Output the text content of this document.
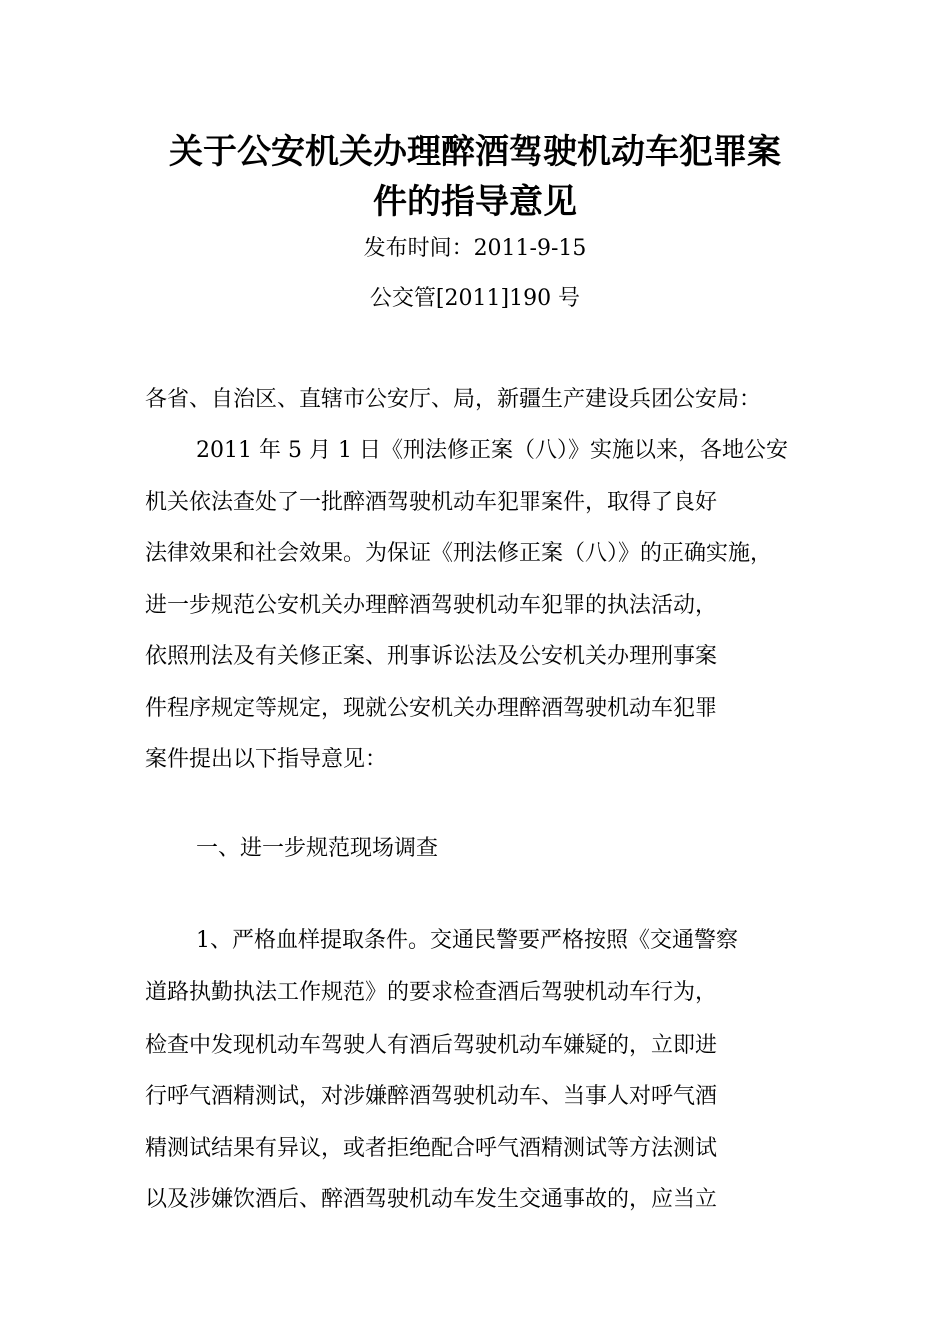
关于公安机关办理醉酒驾驶机动车犯罪案
件的指导意见

发布时间：2011-9-15

公交管[2011]190 号

各省、自治区、直辖市公安厅、局，新疆生产建设兵团公安局：

2011 年 5 月 1 日《刑法修正案（八）》实施以来，各地公安

机关依法查处了一批醉酒驾驶机动车犯罪案件，取得了良好

法律效果和社会效果。为保证《刑法修正案（八）》的正确实施，

进一步规范公安机关办理醉酒驾驶机动车犯罪的执法活动，

依照刑法及有关修正案、刑事诉讼法及公安机关办理刑事案

件程序规定等规定，现就公安机关办理醉酒驾驶机动车犯罪

案件提出以下指导意见：

一、进一步规范现场调查

1、严格血样提取条件。交通民警要严格按照《交通警察

道路执勤执法工作规范》的要求检查酒后驾驶机动车行为，

检查中发现机动车驾驶人有酒后驾驶机动车嫌疑的，立即进

行呼气酒精测试，对涉嫌醉酒驾驶机动车、当事人对呼气酒

精测试结果有异议，或者拒绝配合呼气酒精测试等方法测试

以及涉嫌饮酒后、醉酒驾驶机动车发生交通事故的，应当立
